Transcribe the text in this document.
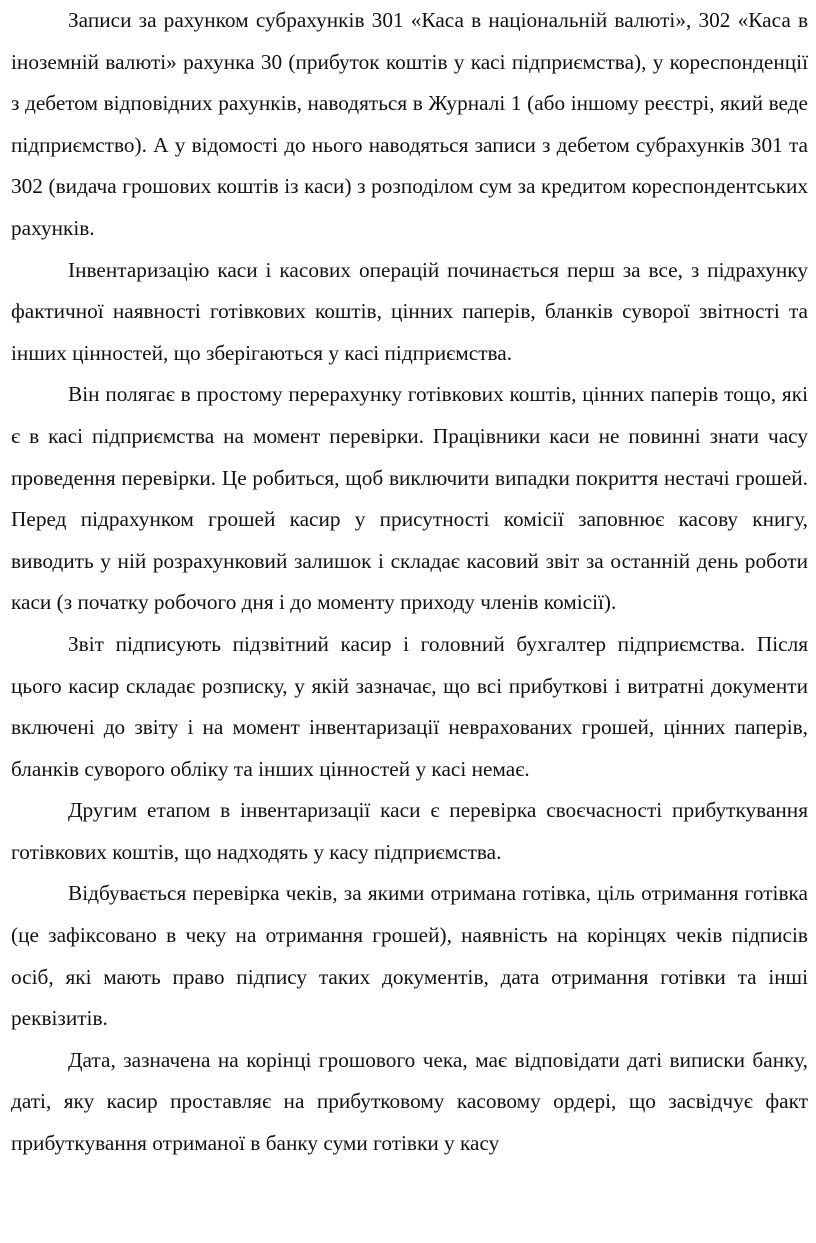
Записи за рахунком субрахунків 301 «Каса в національній валюті», 302 «Каса в іноземній валюті» рахунка 30 (прибуток коштів у касі підприємства), у кореспонденції з дебетом відповідних рахунків, наводяться в Журналі 1 (або іншому реєстрі, який веде підприємство). А у відомості до нього наводяться записи з дебетом субрахунків 301 та 302 (видача грошових коштів із каси) з розподілом сум за кредитом кореспондентських рахунків.

Інвентаризацію каси і касових операцій починається перш за все, з підрахунку фактичної наявності готівкових коштів, цінних паперів, бланків суворої звітності та інших цінностей, що зберігаються у касі підприємства.

Він полягає в простому перерахунку готівкових коштів, цінних паперів тощо, які є в касі підприємства на момент перевірки. Працівники каси не повинні знати часу проведення перевірки. Це робиться, щоб виключити випадки покриття нестачі грошей. Перед підрахунком грошей касир у присутності комісії заповнює касову книгу, виводить у ній розрахунковий залишок і складає касовий звіт за останній день роботи каси (з початку робочого дня і до моменту приходу членів комісії).

Звіт підписують підзвітний касир і головний бухгалтер підприємства. Після цього касир складає розписку, у якій зазначає, що всі прибуткові і витратні документи включені до звіту і на момент інвентаризації неврахованих грошей, цінних паперів, бланків суворого обліку та інших цінностей у касі немає.

Другим етапом в інвентаризації каси є перевірка своєчасності прибуткування готівкових коштів, що надходять у касу підприємства.

Відбувається перевірка чеків, за якими отримана готівка, ціль отримання готівка (це зафіксовано в чеку на отримання грошей), наявність на корінцях чеків підписів осіб, які мають право підпису таких документів, дата отримання готівки та інші реквізитів.

Дата, зазначена на корінці грошового чека, має відповідати даті виписки банку, даті, яку касир проставляє на прибутковому касовому ордері, що засвідчує факт прибуткування отриманої в банку суми готівки у касу
